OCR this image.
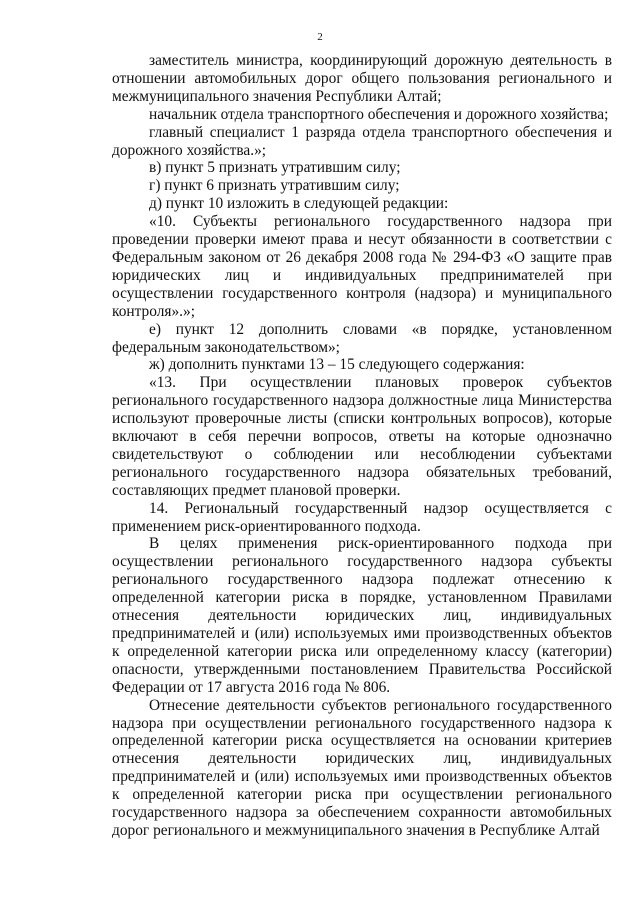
2

заместитель министра, координирующий дорожную деятельность в отношении автомобильных дорог общего пользования регионального и межмуниципального значения Республики Алтай;

начальник отдела транспортного обеспечения и дорожного хозяйства;

главный специалист 1 разряда отдела транспортного обеспечения и дорожного хозяйства.»;

в) пункт 5 признать утратившим силу;

г) пункт 6 признать утратившим силу;

д) пункт 10 изложить в следующей редакции:

«10. Субъекты регионального государственного надзора при проведении проверки имеют права и несут обязанности в соответствии с Федеральным законом от 26 декабря 2008 года № 294-ФЗ «О защите прав юридических лиц и индивидуальных предпринимателей при осуществлении государственного контроля (надзора) и муниципального контроля».»;

е) пункт 12 дополнить словами «в порядке, установленном федеральным законодательством»;

ж) дополнить пунктами 13 – 15 следующего содержания:

«13. При осуществлении плановых проверок субъектов регионального государственного надзора должностные лица Министерства используют проверочные листы (списки контрольных вопросов), которые включают в себя перечни вопросов, ответы на которые однозначно свидетельствуют о соблюдении или несоблюдении субъектами регионального государственного надзора обязательных требований, составляющих предмет плановой проверки.

14. Региональный государственный надзор осуществляется с применением риск-ориентированного подхода.

В целях применения риск-ориентированного подхода при осуществлении регионального государственного надзора субъекты регионального государственного надзора подлежат отнесению к определенной категории риска в порядке, установленном Правилами отнесения деятельности юридических лиц, индивидуальных предпринимателей и (или) используемых ими производственных объектов к определенной категории риска или определенному классу (категории) опасности, утвержденными постановлением Правительства Российской Федерации от 17 августа 2016 года № 806.

Отнесение деятельности субъектов регионального государственного надзора при осуществлении регионального государственного надзора к определенной категории риска осуществляется на основании критериев отнесения деятельности юридических лиц, индивидуальных предпринимателей и (или) используемых ими производственных объектов к определенной категории риска при осуществлении регионального государственного надзора за обеспечением сохранности автомобильных дорог регионального и межмуниципального значения в Республике Алтай
